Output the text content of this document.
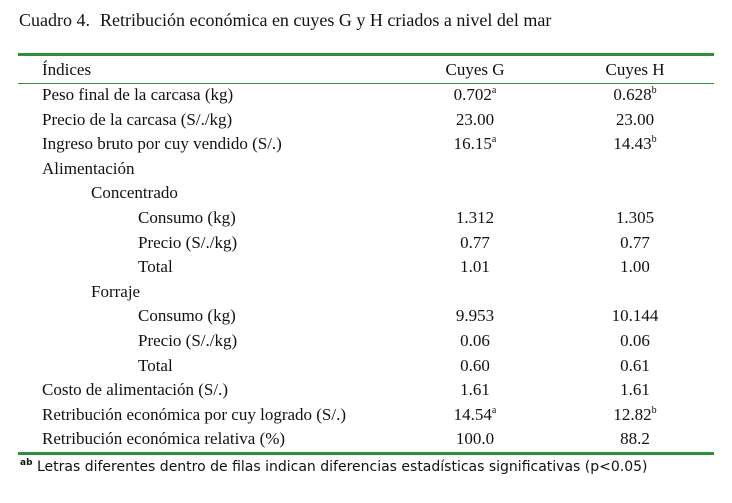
Cuadro 4. Retribución económica en cuyes G y H criados a nivel del mar
Índices	Cuyes G	Cuyes H
Peso final de la carcasa (kg)	0.702$^a$	0.628$^b$
Precio de la carcasa (S/./kg)	23.00	23.00
Ingreso bruto por cuy vendido (S/.)	16.15$^a$	14.43$^b$
Alimentación
Concentrado
Consumo (kg)	1.312	1.305
Precio (S/./kg)	0.77	0.77
Total	1.01	1.00
Forraje
Consumo (kg)	9.953	10.144
Precio (S/./kg)	0.06	0.06
Total	0.60	0.61
Costo de alimentación (S/.)	1.61	1.61
Retribución económica por cuy logrado (S/.)	14.54$^a$	12.82$^b$
Retribución económica relativa (%)	100.0	88.2
$^{ab}$ Letras diferentes dentro de filas indican diferencias estadísticas significativas (p<0.05)
